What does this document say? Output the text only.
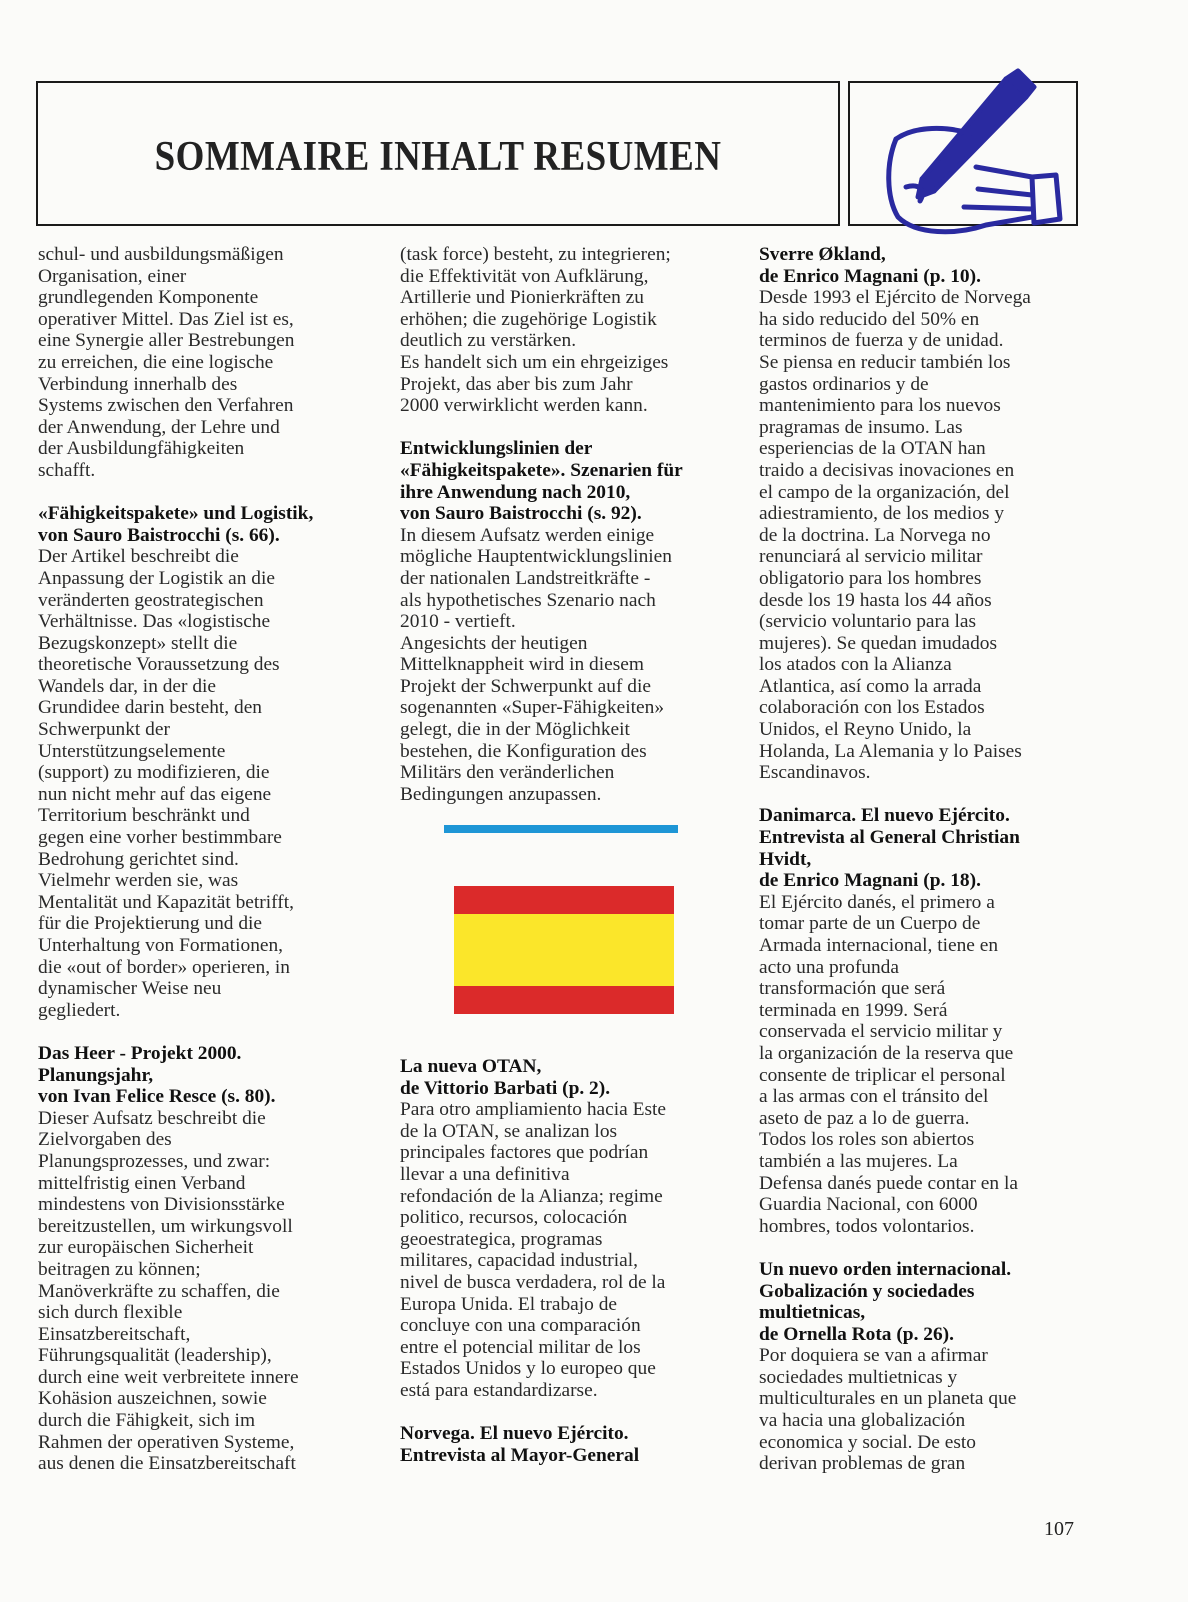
SOMMAIRE INHALT RESUMEN
schul- und ausbildungsmäßigen
Organisation, einer
grundlegenden Komponente
operativer Mittel. Das Ziel ist es,
eine Synergie aller Bestrebungen
zu erreichen, die eine logische
Verbindung innerhalb des
Systems zwischen den Verfahren
der Anwendung, der Lehre und
der Ausbildungfähigkeiten
schafft.
«Fähigkeitspakete» und Logistik,
von Sauro Baistrocchi (s. 66).
Der Artikel beschreibt die
Anpassung der Logistik an die
veränderten geostrategischen
Verhältnisse. Das «logistische
Bezugskonzept» stellt die
theoretische Voraussetzung des
Wandels dar, in der die
Grundidee darin besteht, den
Schwerpunkt der
Unterstützungselemente
(support) zu modifizieren, die
nun nicht mehr auf das eigene
Territorium beschränkt und
gegen eine vorher bestimmbare
Bedrohung gerichtet sind.
Vielmehr werden sie, was
Mentalität und Kapazität betrifft,
für die Projektierung und die
Unterhaltung von Formationen,
die «out of border» operieren, in
dynamischer Weise neu
gegliedert.
Das Heer - Projekt 2000.
Planungsjahr,
von Ivan Felice Resce (s. 80).
Dieser Aufsatz beschreibt die
Zielvorgaben des
Planungsprozesses, und zwar:
mittelfristig einen Verband
mindestens von Divisionsstärke
bereitzustellen, um wirkungsvoll
zur europäischen Sicherheit
beitragen zu können;
Manöverkräfte zu schaffen, die
sich durch flexible
Einsatzbereitschaft,
Führungsqualität (leadership),
durch eine weit verbreitete innere
Kohäsion auszeichnen, sowie
durch die Fähigkeit, sich im
Rahmen der operativen Systeme,
aus denen die Einsatzbereitschaft
(task force) besteht, zu integrieren;
die Effektivität von Aufklärung,
Artillerie und Pionierkräften zu
erhöhen; die zugehörige Logistik
deutlich zu verstärken.
Es handelt sich um ein ehrgeiziges
Projekt, das aber bis zum Jahr
2000 verwirklicht werden kann.
Entwicklungslinien der
«Fähigkeitspakete». Szenarien für
ihre Anwendung nach 2010,
von Sauro Baistrocchi (s. 92).
In diesem Aufsatz werden einige
mögliche Hauptentwicklungslinien
der nationalen Landstreitkräfte -
als hypothetisches Szenario nach
2010 - vertieft.
Angesichts der heutigen
Mittelknappheit wird in diesem
Projekt der Schwerpunkt auf die
sogenannten «Super-Fähigkeiten»
gelegt, die in der Möglichkeit
bestehen, die Konfiguration des
Militärs den veränderlichen
Bedingungen anzupassen.
La nueva OTAN,
de Vittorio Barbati (p. 2).
Para otro ampliamiento hacia Este
de la OTAN, se analizan los
principales factores que podrían
llevar a una definitiva
refondación de la Alianza; regime
politico, recursos, colocación
geoestrategica, programas
militares, capacidad industrial,
nivel de busca verdadera, rol de la
Europa Unida. El trabajo de
concluye con una comparación
entre el potencial militar de los
Estados Unidos y lo europeo que
está para estandardizarse.
Norvega. El nuevo Ejército.
Entrevista al Mayor-General
Sverre Økland,
de Enrico Magnani (p. 10).
Desde 1993 el Ejército de Norvega
ha sido reducido del 50% en
terminos de fuerza y de unidad.
Se piensa en reducir también los
gastos ordinarios y de
mantenimiento para los nuevos
pragramas de insumo. Las
esperiencias de la OTAN han
traido a decisivas inovaciones en
el campo de la organización, del
adiestramiento, de los medios y
de la doctrina. La Norvega no
renunciará al servicio militar
obligatorio para los hombres
desde los 19 hasta los 44 años
(servicio voluntario para las
mujeres). Se quedan imudados
los atados con la Alianza
Atlantica, así como la arrada
colaboración con los Estados
Unidos, el Reyno Unido, la
Holanda, La Alemania y lo Paises
Escandinavos.
Danimarca. El nuevo Ejército.
Entrevista al General Christian
Hvidt,
de Enrico Magnani (p. 18).
El Ejército danés, el primero a
tomar parte de un Cuerpo de
Armada internacional, tiene en
acto una profunda
transformación que será
terminada en 1999. Será
conservada el servicio militar y
la organización de la reserva que
consente de triplicar el personal
a las armas con el tránsito del
aseto de paz a lo de guerra.
Todos los roles son abiertos
también a las mujeres. La
Defensa danés puede contar en la
Guardia Nacional, con 6000
hombres, todos volontarios.
Un nuevo orden internacional.
Gobalización y sociedades
multietnicas,
de Ornella Rota (p. 26).
Por doquiera se van a afirmar
sociedades multietnicas y
multiculturales en un planeta que
va hacia una globalización
economica y social. De esto
derivan problemas de gran
107
